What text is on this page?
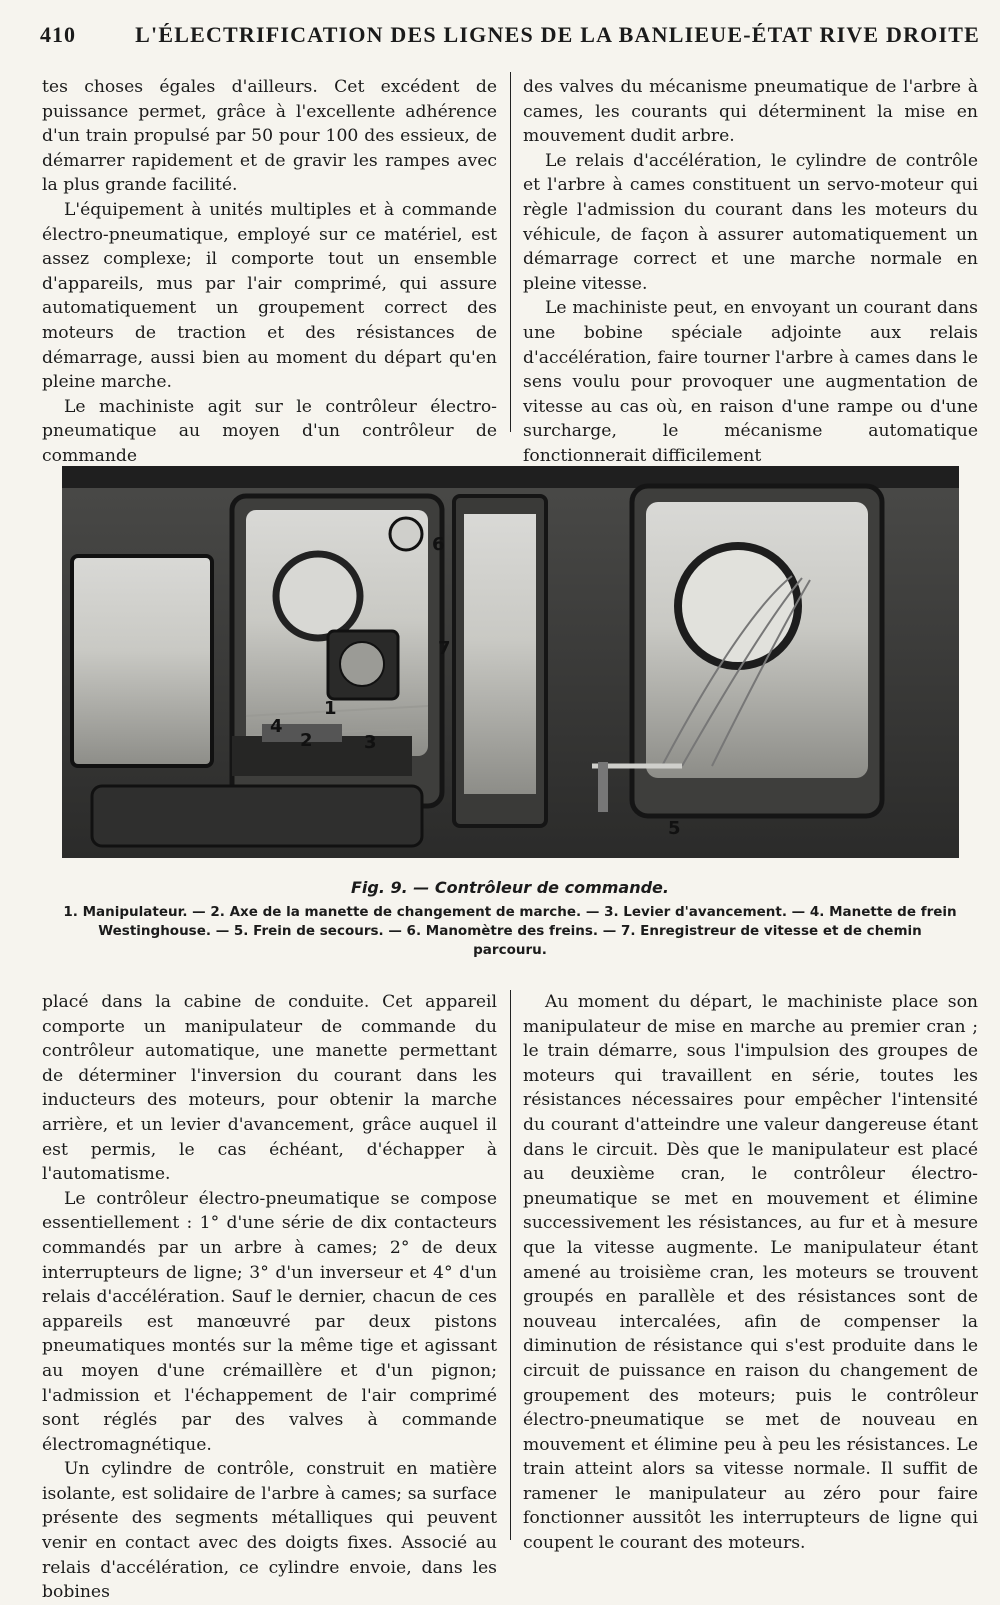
410	L'ÉLECTRIFICATION DES LIGNES DE LA BANLIEUE-ÉTAT RIVE DROITE

tes choses égales d'ailleurs. Cet excédent de puissance permet, grâce à l'excellente adhérence d'un train propulsé par 50 pour 100 des essieux, de démarrer rapidement et de gravir les rampes avec la plus grande facilité.

L'équipement à unités multiples et à commande électro-pneumatique, employé sur ce matériel, est assez complexe; il comporte tout un ensemble d'appareils, mus par l'air comprimé, qui assure automatiquement un groupement correct des moteurs de traction et des résistances de démarrage, aussi bien au moment du départ qu'en pleine marche.

Le machiniste agit sur le contrôleur électro-pneumatique au moyen d'un contrôleur de commande

des valves du mécanisme pneumatique de l'arbre à cames, les courants qui déterminent la mise en mouvement dudit arbre.

Le relais d'accélération, le cylindre de contrôle et l'arbre à cames constituent un servo-moteur qui règle l'admission du courant dans les moteurs du véhicule, de façon à assurer automatiquement un démarrage correct et une marche normale en pleine vitesse.

Le machiniste peut, en envoyant un courant dans une bobine spéciale adjointe aux relais d'accélération, faire tourner l'arbre à cames dans le sens voulu pour provoquer une augmentation de vitesse au cas où, en raison d'une rampe ou d'une surcharge, le mécanisme automatique fonctionnerait difficilement

1
2	3
4
5
6
7
Fig. 9. — Contrôleur de commande.
1. Manipulateur. — 2. Axe de la manette de changement de marche. — 3. Levier d'avancement. — 4. Manette de frein Westinghouse. — 5. Frein de secours. — 6. Manomètre des freins. — 7. Enregistreur de vitesse et de chemin parcouru.

placé dans la cabine de conduite. Cet appareil comporte un manipulateur de commande du contrôleur automatique, une manette permettant de déterminer l'inversion du courant dans les inducteurs des moteurs, pour obtenir la marche arrière, et un levier d'avancement, grâce auquel il est permis, le cas échéant, d'échapper à l'automatisme.

Le contrôleur électro-pneumatique se compose essentiellement : 1° d'une série de dix contacteurs commandés par un arbre à cames; 2° de deux interrupteurs de ligne; 3° d'un inverseur et 4° d'un relais d'accélération. Sauf le dernier, chacun de ces appareils est manœuvré par deux pistons pneumatiques montés sur la même tige et agissant au moyen d'une crémaillère et d'un pignon; l'admission et l'échappement de l'air comprimé sont réglés par des valves à commande électromagnétique.

Un cylindre de contrôle, construit en matière isolante, est solidaire de l'arbre à cames; sa surface présente des segments métalliques qui peuvent venir en contact avec des doigts fixes. Associé au relais d'accélération, ce cylindre envoie, dans les bobines

Au moment du départ, le machiniste place son manipulateur de mise en marche au premier cran ; le train démarre, sous l'impulsion des groupes de moteurs qui travaillent en série, toutes les résistances nécessaires pour empêcher l'intensité du courant d'atteindre une valeur dangereuse étant dans le circuit. Dès que le manipulateur est placé au deuxième cran, le contrôleur électro-pneumatique se met en mouvement et élimine successivement les résistances, au fur et à mesure que la vitesse augmente. Le manipulateur étant amené au troisième cran, les moteurs se trouvent groupés en parallèle et des résistances sont de nouveau intercalées, afin de compenser la diminution de résistance qui s'est produite dans le circuit de puissance en raison du changement de groupement des moteurs; puis le contrôleur électro-pneumatique se met de nouveau en mouvement et élimine peu à peu les résistances. Le train atteint alors sa vitesse normale. Il suffit de ramener le manipulateur au zéro pour faire fonctionner aussitôt les interrupteurs de ligne qui coupent le courant des moteurs.
